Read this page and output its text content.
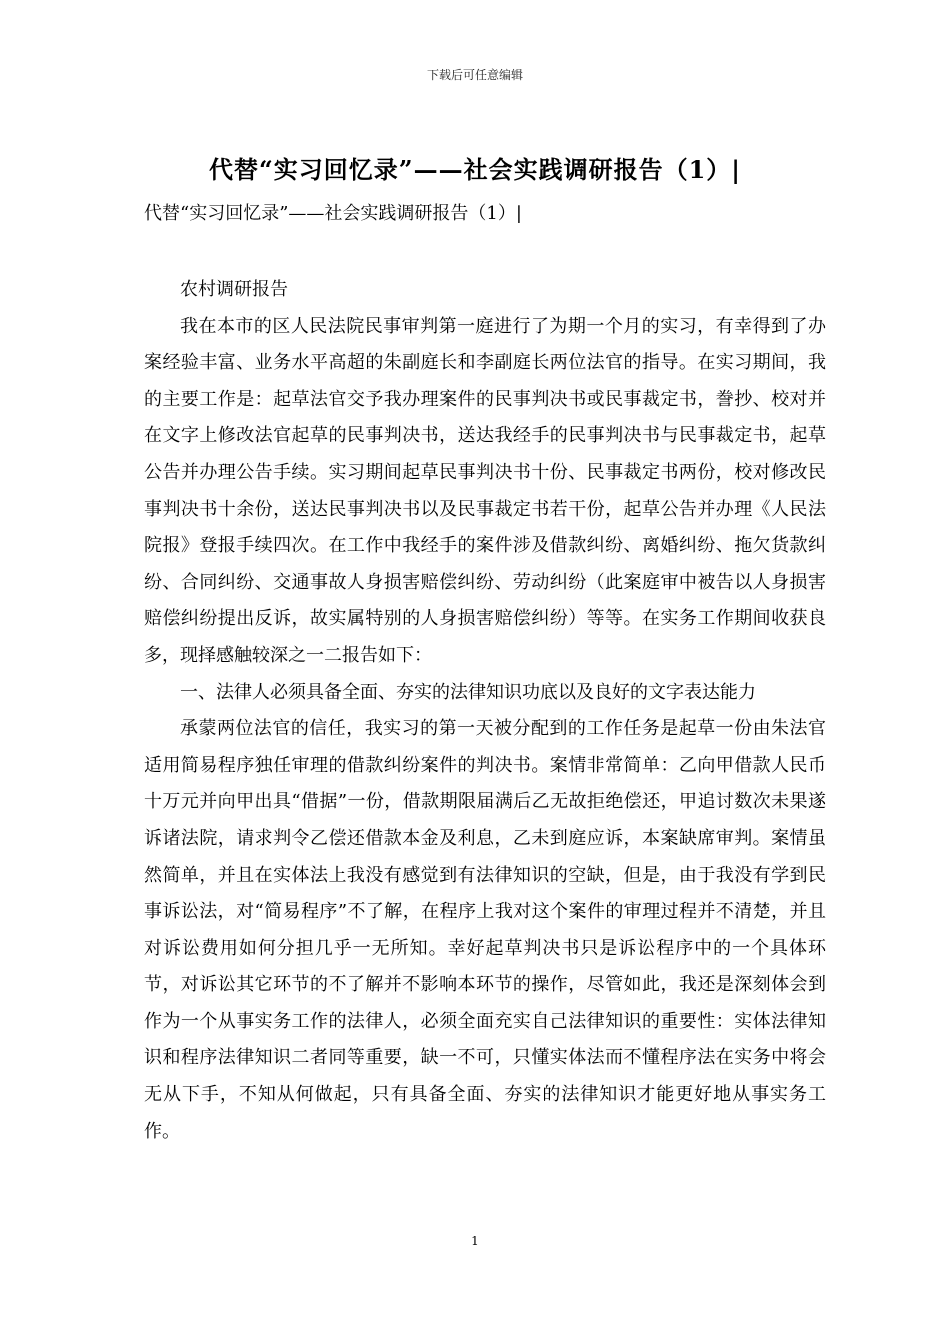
下载后可任意编辑
代替“实习回忆录”——社会实践调研报告（1）|
代替“实习回忆录”——社会实践调研报告（1）|

农村调研报告

我在本市的区人民法院民事审判第一庭进行了为期一个月的实习，有幸得到了办案经验丰富、业务水平高超的朱副庭长和李副庭长两位法官的指导。在实习期间，我的主要工作是：起草法官交予我办理案件的民事判决书或民事裁定书，誊抄、校对并在文字上修改法官起草的民事判决书，送达我经手的民事判决书与民事裁定书，起草公告并办理公告手续。实习期间起草民事判决书十份、民事裁定书两份，校对修改民事判决书十余份，送达民事判决书以及民事裁定书若干份，起草公告并办理《人民法院报》登报手续四次。在工作中我经手的案件涉及借款纠纷、离婚纠纷、拖欠货款纠纷、合同纠纷、交通事故人身损害赔偿纠纷、劳动纠纷（此案庭审中被告以人身损害赔偿纠纷提出反诉，故实属特别的人身损害赔偿纠纷）等等。在实务工作期间收获良多，现择感触较深之一二报告如下：

一、法律人必须具备全面、夯实的法律知识功底以及良好的文字表达能力

承蒙两位法官的信任，我实习的第一天被分配到的工作任务是起草一份由朱法官适用简易程序独任审理的借款纠纷案件的判决书。案情非常简单：乙向甲借款人民币十万元并向甲出具“借据”一份，借款期限届满后乙无故拒绝偿还，甲追讨数次未果遂诉诸法院，请求判令乙偿还借款本金及利息，乙未到庭应诉，本案缺席审判。案情虽然简单，并且在实体法上我没有感觉到有法律知识的空缺，但是，由于我没有学到民事诉讼法，对“简易程序”不了解，在程序上我对这个案件的审理过程并不清楚，并且对诉讼费用如何分担几乎一无所知。幸好起草判决书只是诉讼程序中的一个具体环节，对诉讼其它环节的不了解并不影响本环节的操作，尽管如此，我还是深刻体会到作为一个从事实务工作的法律人，必须全面充实自己法律知识的重要性：实体法律知识和程序法律知识二者同等重要，缺一不可，只懂实体法而不懂程序法在实务中将会无从下手，不知从何做起，只有具备全面、夯实的法律知识才能更好地从事实务工作。

1
